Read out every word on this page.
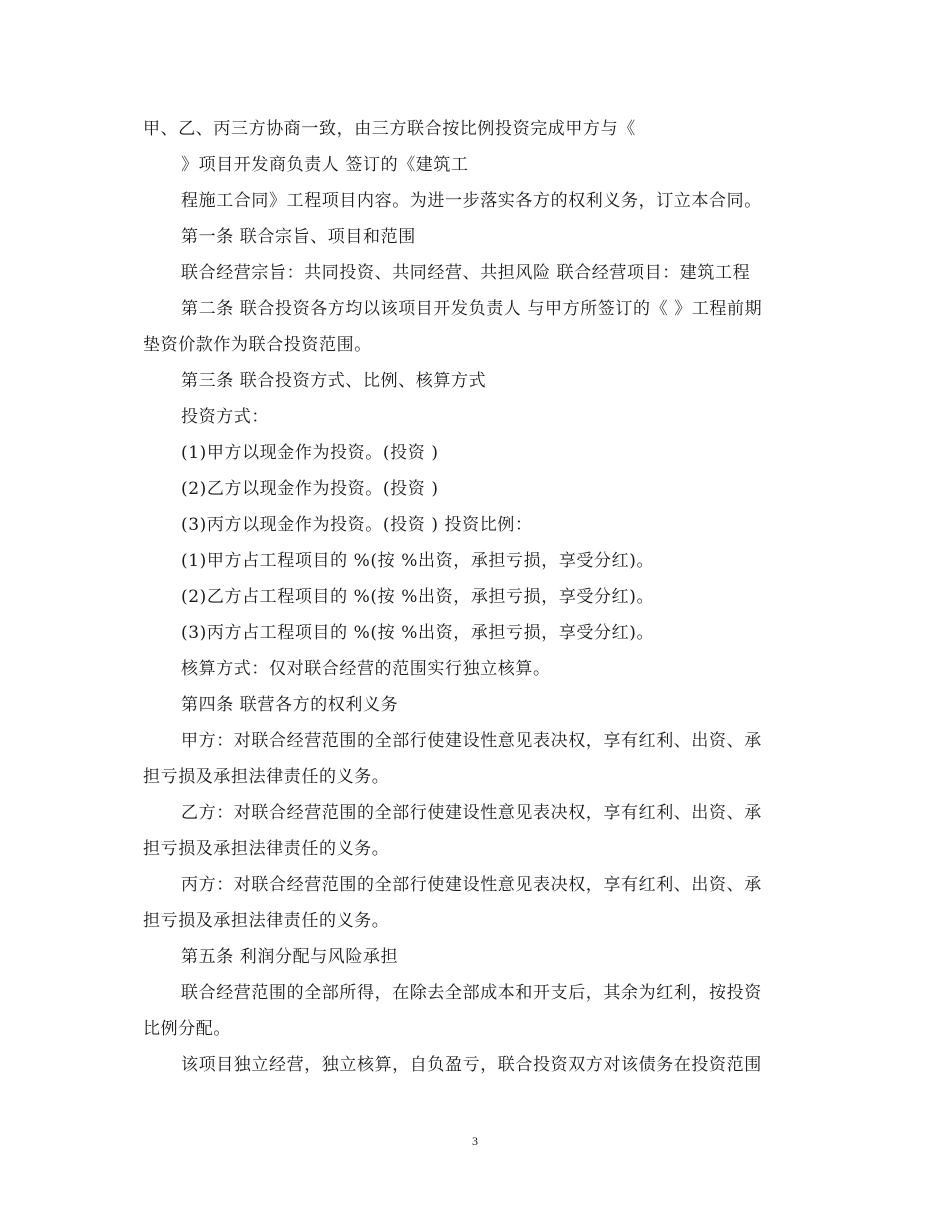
甲、乙、丙三方协商一致，由三方联合按比例投资完成甲方与《
》项目开发商负责人 签订的《建筑工
程施工合同》工程项目内容。为进一步落实各方的权利义务，订立本合同。
第一条 联合宗旨、项目和范围
联合经营宗旨：共同投资、共同经营、共担风险 联合经营项目：建筑工程
第二条 联合投资各方均以该项目开发负责人 与甲方所签订的《 》工程前期
垫资价款作为联合投资范围。
第三条 联合投资方式、比例、核算方式
投资方式：
(1)甲方以现金作为投资。(投资 )
(2)乙方以现金作为投资。(投资 )
(3)丙方以现金作为投资。(投资 ) 投资比例：
(1)甲方占工程项目的 %(按 %出资，承担亏损，享受分红)。
(2)乙方占工程项目的 %(按 %出资，承担亏损，享受分红)。
(3)丙方占工程项目的 %(按 %出资，承担亏损，享受分红)。
核算方式：仅对联合经营的范围实行独立核算。
第四条 联营各方的权利义务
甲方：对联合经营范围的全部行使建设性意见表决权，享有红利、出资、承
担亏损及承担法律责任的义务。
乙方：对联合经营范围的全部行使建设性意见表决权，享有红利、出资、承
担亏损及承担法律责任的义务。
丙方：对联合经营范围的全部行使建设性意见表决权，享有红利、出资、承
担亏损及承担法律责任的义务。
第五条 利润分配与风险承担
联合经营范围的全部所得，在除去全部成本和开支后，其余为红利，按投资
比例分配。
该项目独立经营，独立核算，自负盈亏，联合投资双方对该债务在投资范围
3
